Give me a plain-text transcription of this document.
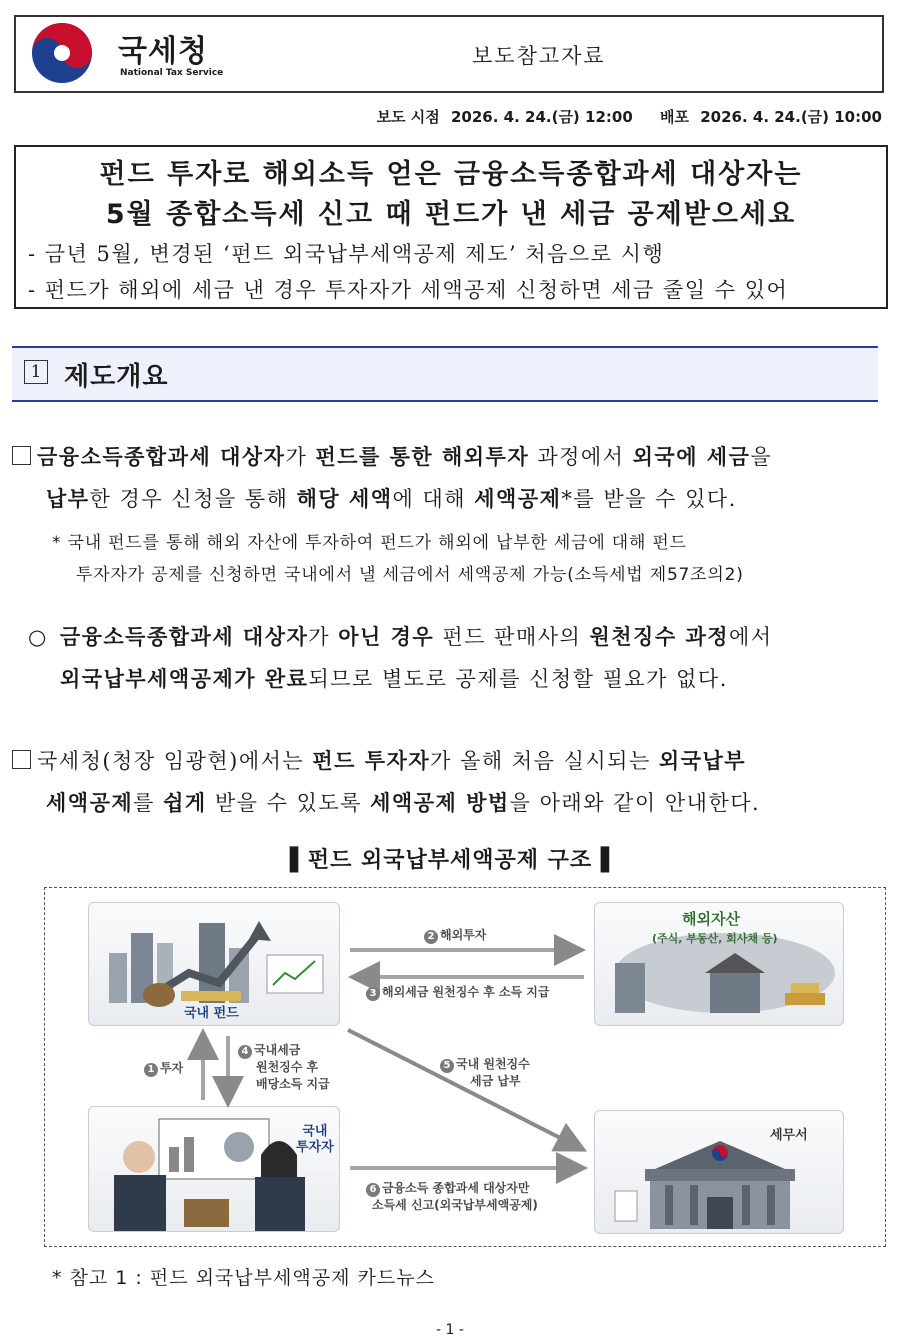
국세청
National Tax Service
보도참고자료
보도 시점 2026. 4. 24.(금) 12:00 배포 2026. 4. 24.(금) 10:00
펀드 투자로 해외소득 얻은 금융소득종합과세 대상자는
5월 종합소득세 신고 때 펀드가 낸 세금 공제받으세요
- 금년 5월, 변경된 ‘펀드 외국납부세액공제 제도’ 처음으로 시행
- 펀드가 해외에 세금 낸 경우 투자자가 세액공제 신청하면 세금 줄일 수 있어
1 제도개요
금융소득종합과세 대상자가 펀드를 통한 해외투자 과정에서 외국에 세금을
납부한 경우 신청을 통해 해당 세액에 대해 세액공제*를 받을 수 있다.
* 국내 펀드를 통해 해외 자산에 투자하여 펀드가 해외에 납부한 세금에 대해 펀드
투자자가 공제를 신청하면 국내에서 낼 세금에서 세액공제 가능(소득세법 제57조의2)
○ 금융소득종합과세 대상자가 아닌 경우 펀드 판매사의 원천징수 과정에서
외국납부세액공제가 완료되므로 별도로 공제를 신청할 필요가 없다.
국세청(청장 임광현)에서는 펀드 투자자가 올해 처음 실시되는 외국납부
세액공제를 쉽게 받을 수 있도록 세액공제 방법을 아래와 같이 안내한다.
▌펀드 외국납부세액공제 구조▐
국내 펀드
해외자산
(주식, 부동산, 회사채 등)
국내
투자자
세무서
2 해외투자
3 해외세금 원천징수 후 소득 지급
1 투자
4 국내세금
원천징수 후
배당소득 지급
5 국내 원천징수
세금 납부
6 금융소득 종합과세 대상자만
소득세 신고(외국납부세액공제)
* 참고 1 : 펀드 외국납부세액공제 카드뉴스
- 1 -
